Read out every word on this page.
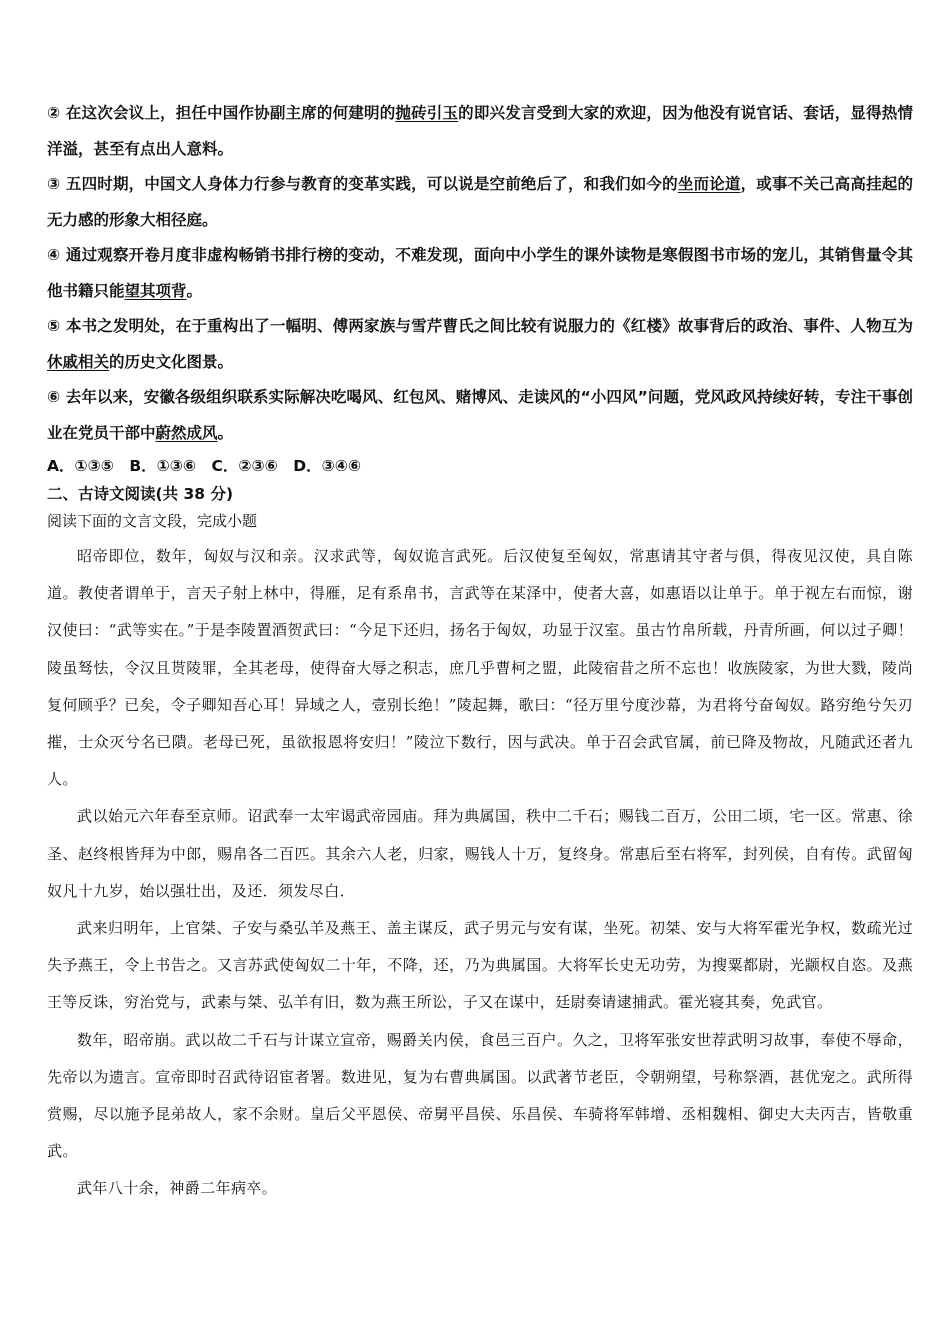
② 在这次会议上，担任中国作协副主席的何建明的抛砖引玉的即兴发言受到大家的欢迎，因为他没有说官话、套话，显得热情洋溢，甚至有点出人意料。

③ 五四时期，中国文人身体力行参与教育的变革实践，可以说是空前绝后了，和我们如今的坐而论道，或事不关己高高挂起的无力感的形象大相径庭。

④ 通过观察开卷月度非虚构畅销书排行榜的变动，不难发现，面向中小学生的课外读物是寒假图书市场的宠儿，其销售量令其他书籍只能望其项背。

⑤ 本书之发明处，在于重构出了一幅明、傅两家族与雪芹曹氏之间比较有说服力的《红楼》故事背后的政治、事件、人物互为休戚相关的历史文化图景。

⑥ 去年以来，安徽各级组织联系实际解决吃喝风、红包风、赌博风、走读风的“小四风”问题，党风政风持续好转，专注干事创业在党员干部中蔚然成风。

A．①③⑤　B．①③⑥　C．②③⑥　D．③④⑥

二、古诗文阅读(共 38 分)

阅读下面的文言文段，完成小题

昭帝即位，数年，匈奴与汉和亲。汉求武等，匈奴诡言武死。后汉使复至匈奴，常惠请其守者与俱，得夜见汉使，具自陈道。教使者谓单于，言天子射上林中，得雁，足有系帛书，言武等在某泽中，使者大喜，如惠语以让单于。单于视左右而惊，谢汉使曰：“武等实在。”于是李陵置酒贺武曰：“今足下还归，扬名于匈奴，功显于汉室。虽古竹帛所载，丹青所画，何以过子卿！陵虽驽怯，令汉且贳陵罪，全其老母，使得奋大辱之积志，庶几乎曹柯之盟，此陵宿昔之所不忘也！收族陵家，为世大戮，陵尚复何顾乎？已矣，令子卿知吾心耳！异域之人，壹别长绝！”陵起舞，歌曰：“径万里兮度沙幕，为君将兮奋匈奴。路穷绝兮矢刃摧，士众灭兮名已隤。老母已死，虽欲报恩将安归！”陵泣下数行，因与武决。单于召会武官属，前已降及物故，凡随武还者九人。

武以始元六年春至京师。诏武奉一太牢谒武帝园庙。拜为典属国，秩中二千石；赐钱二百万，公田二顷，宅一区。常惠、徐圣、赵终根皆拜为中郎，赐帛各二百匹。其余六人老，归家，赐钱人十万，复终身。常惠后至右将军，封列侯，自有传。武留匈奴凡十九岁，始以强壮出，及还．须发尽白．

武来归明年，上官桀、子安与桑弘羊及燕王、盖主谋反，武子男元与安有谋，坐死。初桀、安与大将军霍光争权，数疏光过失予燕王，令上书告之。又言苏武使匈奴二十年，不降，还，乃为典属国。大将军长史无功劳，为搜粟都尉，光颛权自恣。及燕王等反诛，穷治党与，武素与桀、弘羊有旧，数为燕王所讼，子又在谋中，廷尉奏请逮捕武。霍光寝其奏，免武官。

数年，昭帝崩。武以故二千石与计谋立宣帝，赐爵关内侯，食邑三百户。久之，卫将军张安世荐武明习故事，奉使不辱命，先帝以为遗言。宣帝即时召武待诏宦者署。数进见，复为右曹典属国。以武著节老臣，令朝朔望，号称祭酒，甚优宠之。武所得赏赐，尽以施予昆弟故人，家不余财。皇后父平恩侯、帝舅平昌侯、乐昌侯、车骑将军韩增、丞相魏相、御史大夫丙吉，皆敬重武。

武年八十余，神爵二年病卒。
